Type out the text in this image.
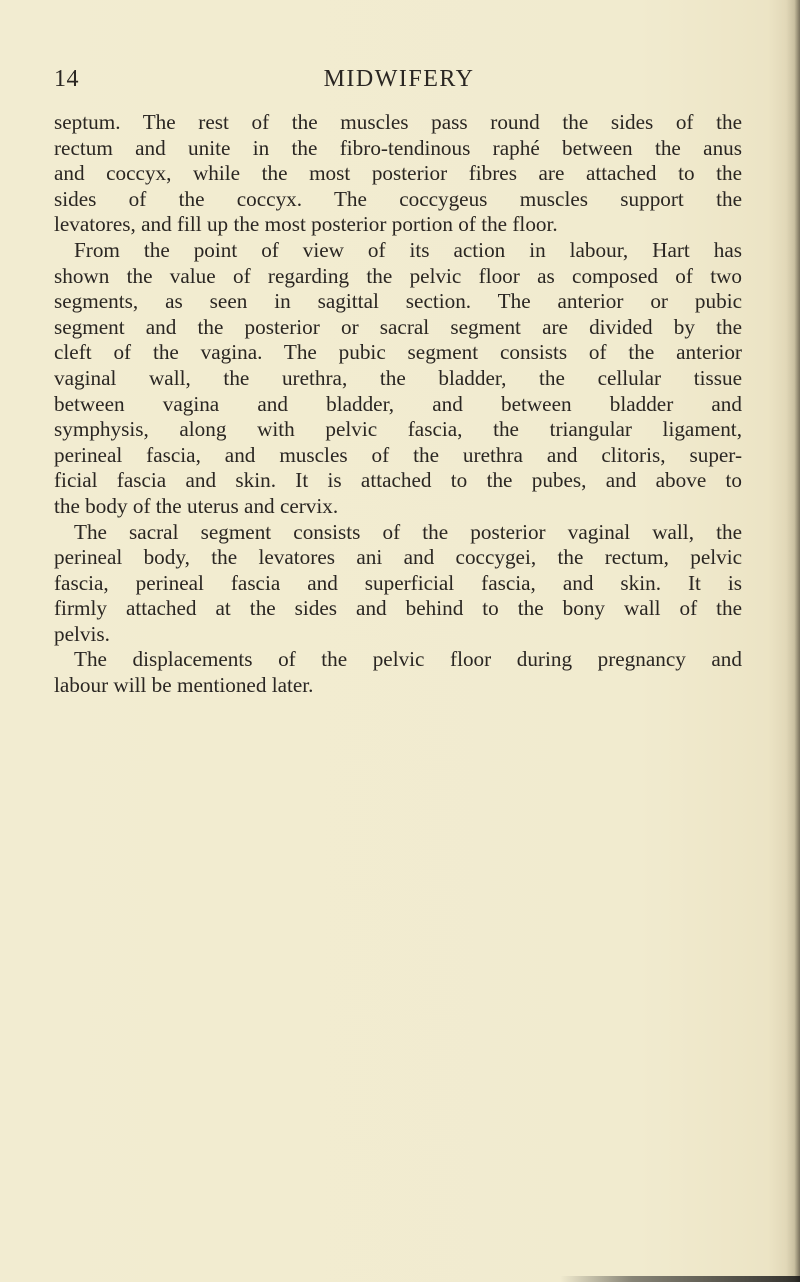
14	MIDWIFERY
septum. The rest of the muscles pass round the sides of the
rectum and unite in the fibro-tendinous raphé between the anus
and coccyx, while the most posterior fibres are attached to the
sides of the coccyx. The coccygeus muscles support the
levatores, and fill up the most posterior portion of the floor.
From the point of view of its action in labour, Hart has
shown the value of regarding the pelvic floor as composed of two
segments, as seen in sagittal section. The anterior or pubic
segment and the posterior or sacral segment are divided by the
cleft of the vagina. The pubic segment consists of the anterior
vaginal wall, the urethra, the bladder, the cellular tissue
between vagina and bladder, and between bladder and
symphysis, along with pelvic fascia, the triangular ligament,
perineal fascia, and muscles of the urethra and clitoris, super-
ficial fascia and skin. It is attached to the pubes, and above to
the body of the uterus and cervix.
The sacral segment consists of the posterior vaginal wall, the
perineal body, the levatores ani and coccygei, the rectum, pelvic
fascia, perineal fascia and superficial fascia, and skin. It is
firmly attached at the sides and behind to the bony wall of the
pelvis.
The displacements of the pelvic floor during pregnancy and
labour will be mentioned later.
